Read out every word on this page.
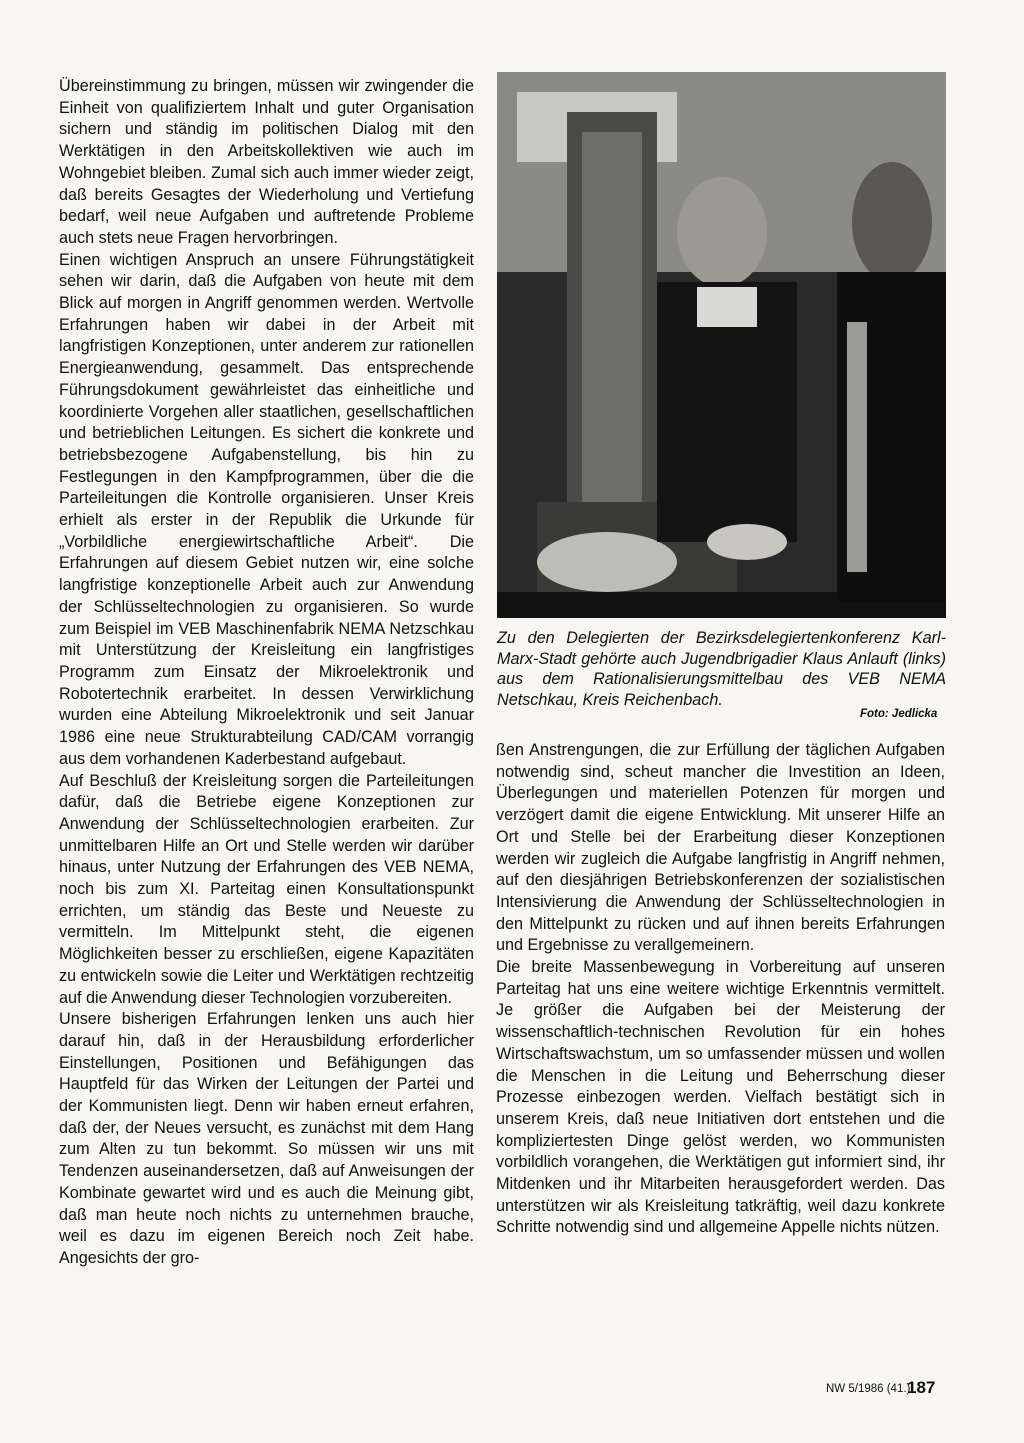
Übereinstimmung zu bringen, müssen wir zwingender die Einheit von qualifiziertem Inhalt und guter Organisation sichern und ständig im politischen Dialog mit den Werktätigen in den Arbeitskollektiven wie auch im Wohngebiet bleiben. Zumal sich auch immer wieder zeigt, daß bereits Gesagtes der Wiederholung und Vertiefung bedarf, weil neue Aufgaben und auftretende Probleme auch stets neue Fragen hervorbringen.

Einen wichtigen Anspruch an unsere Führungstätigkeit sehen wir darin, daß die Aufgaben von heute mit dem Blick auf morgen in Angriff genommen werden. Wertvolle Erfahrungen haben wir dabei in der Arbeit mit langfristigen Konzeptionen, unter anderem zur rationellen Energieanwendung, gesammelt. Das entsprechende Führungsdokument gewährleistet das einheitliche und koordinierte Vorgehen aller staatlichen, gesellschaftlichen und betrieblichen Leitungen. Es sichert die konkrete und betriebsbezogene Aufgabenstellung, bis hin zu Festlegungen in den Kampfprogrammen, über die die Parteileitungen die Kontrolle organisieren. Unser Kreis erhielt als erster in der Republik die Urkunde für „Vorbildliche energiewirtschaftliche Arbeit“. Die Erfahrungen auf diesem Gebiet nutzen wir, eine solche langfristige konzeptionelle Arbeit auch zur Anwendung der Schlüsseltechnologien zu organisieren. So wurde zum Beispiel im VEB Maschinenfabrik NEMA Netzschkau mit Unterstützung der Kreisleitung ein langfristiges Programm zum Einsatz der Mikroelektronik und Robotertechnik erarbeitet. In dessen Verwirklichung wurden eine Abteilung Mikroelektronik und seit Januar 1986 eine neue Strukturabteilung CAD/CAM vorrangig aus dem vorhandenen Kaderbestand aufgebaut.

Auf Beschluß der Kreisleitung sorgen die Parteileitungen dafür, daß die Betriebe eigene Konzeptionen zur Anwendung der Schlüsseltechnologien erarbeiten. Zur unmittelbaren Hilfe an Ort und Stelle werden wir darüber hinaus, unter Nutzung der Erfahrungen des VEB NEMA, noch bis zum XI. Parteitag einen Konsultationspunkt errichten, um ständig das Beste und Neueste zu vermitteln. Im Mittelpunkt steht, die eigenen Möglichkeiten besser zu erschließen, eigene Kapazitäten zu entwickeln sowie die Leiter und Werktätigen rechtzeitig auf die Anwendung dieser Technologien vorzubereiten.

Unsere bisherigen Erfahrungen lenken uns auch hier darauf hin, daß in der Herausbildung erforderlicher Einstellungen, Positionen und Befähigungen das Hauptfeld für das Wirken der Leitungen der Partei und der Kommunisten liegt. Denn wir haben erneut erfahren, daß der, der Neues versucht, es zunächst mit dem Hang zum Alten zu tun bekommt. So müssen wir uns mit Tendenzen auseinandersetzen, daß auf Anweisungen der Kombinate gewartet wird und es auch die Meinung gibt, daß man heute noch nichts zu unternehmen brauche, weil es dazu im eigenen Bereich noch Zeit habe. Angesichts der gro-

Zu den Delegierten der Bezirksdelegiertenkonferenz Karl-Marx-Stadt gehörte auch Jugendbrigadier Klaus Anlauft (links) aus dem Rationalisierungsmittelbau des VEB NEMA Netschkau, Kreis Reichenbach.
Foto: Jedlicka

ßen Anstrengungen, die zur Erfüllung der täglichen Aufgaben notwendig sind, scheut mancher die Investition an Ideen, Überlegungen und materiellen Potenzen für morgen und verzögert damit die eigene Entwicklung. Mit unserer Hilfe an Ort und Stelle bei der Erarbeitung dieser Konzeptionen werden wir zugleich die Aufgabe langfristig in Angriff nehmen, auf den diesjährigen Betriebskonferenzen der sozialistischen Intensivierung die Anwendung der Schlüsseltechnologien in den Mittelpunkt zu rücken und auf ihnen bereits Erfahrungen und Ergebnisse zu verallgemeinern.

Die breite Massenbewegung in Vorbereitung auf unseren Parteitag hat uns eine weitere wichtige Erkenntnis vermittelt. Je größer die Aufgaben bei der Meisterung der wissenschaftlich-technischen Revolution für ein hohes Wirtschaftswachstum, um so umfassender müssen und wollen die Menschen in die Leitung und Beherrschung dieser Prozesse einbezogen werden. Vielfach bestätigt sich in unserem Kreis, daß neue Initiativen dort entstehen und die kompliziertesten Dinge gelöst werden, wo Kommunisten vorbildlich vorangehen, die Werktätigen gut informiert sind, ihr Mitdenken und ihr Mitarbeiten herausgefordert werden. Das unterstützen wir als Kreisleitung tatkräftig, weil dazu konkrete Schritte notwendig sind und allgemeine Appelle nichts nützen.

NW 5/1986 (41.)
187
